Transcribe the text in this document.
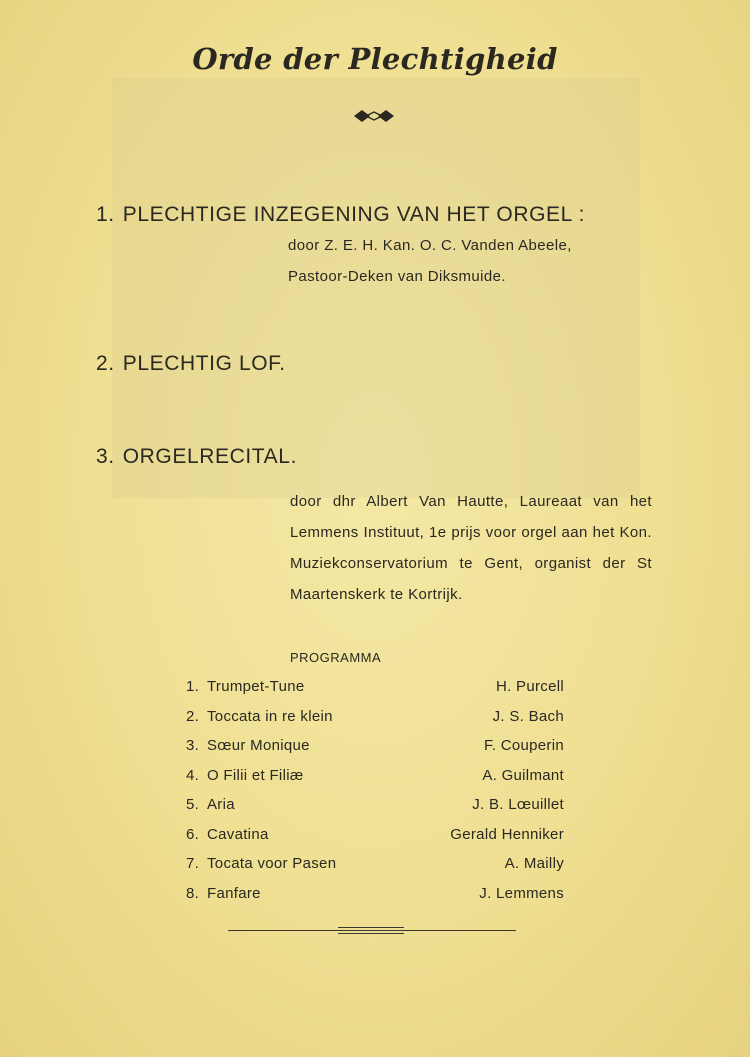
Orde der Plechtigheid
1. PLECHTIGE INZEGENING VAN HET ORGEL :
door Z. E. H. Kan. O. C. Vanden Abeele,
Pastoor-Deken van Diksmuide.
2. PLECHTIG LOF.
3. ORGELRECITAL.
door dhr Albert Van Hautte, Laureaat van het Lemmens Instituut, 1e prijs voor orgel aan het Kon. Muziekconservatorium te Gent, organist der St Maartenskerk te Kortrijk.
PROGRAMMA
1. Trumpet-Tune	H. Purcell
2. Toccata in re klein	J. S. Bach
3. Sœur Monique	F. Couperin
4. O Filii et Filiæ	A. Guilmant
5. Aria	J. B. Lœuillet
6. Cavatina	Gerald Henniker
7. Tocata voor Pasen	A. Mailly
8. Fanfare	J. Lemmens
